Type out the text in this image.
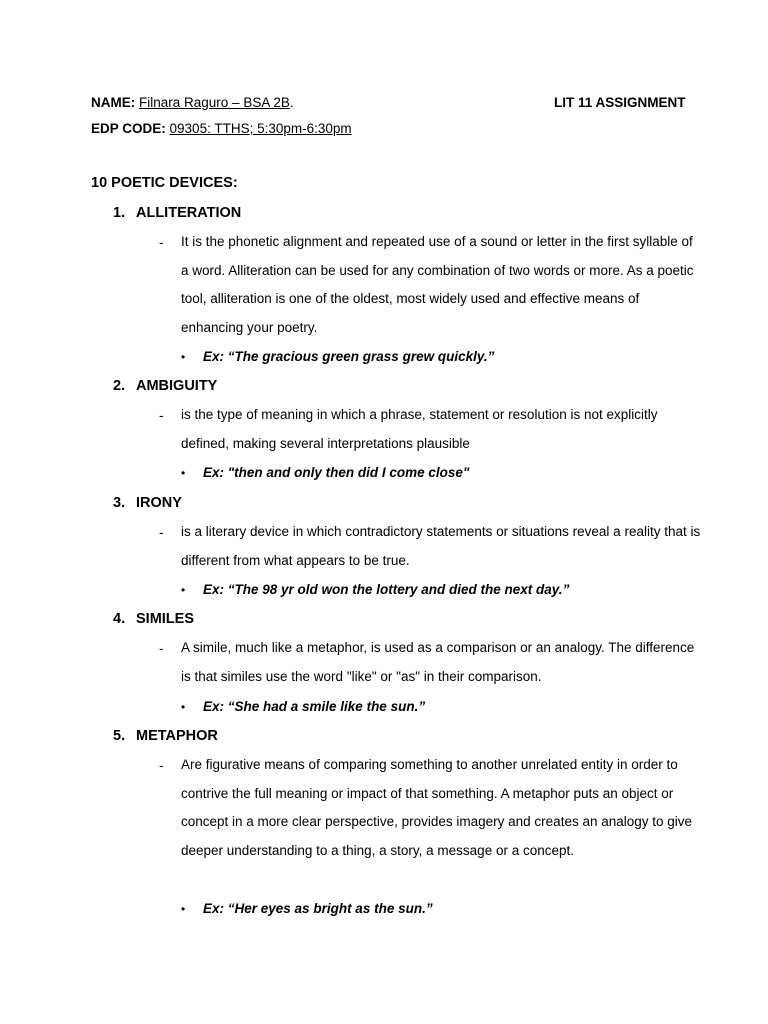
NAME: Filnara Raguro – BSA 2B.	LIT 11 ASSIGNMENT
EDP CODE: 09305: TTHS; 5:30pm-6:30pm
10 POETIC DEVICES:
1. ALLITERATION
- It is the phonetic alignment and repeated use of a sound or letter in the first syllable of a word. Alliteration can be used for any combination of two words or more. As a poetic tool, alliteration is one of the oldest, most widely used and effective means of enhancing your poetry.
• Ex: “The gracious green grass grew quickly.”
2. AMBIGUITY
- is the type of meaning in which a phrase, statement or resolution is not explicitly defined, making several interpretations plausible
• Ex: "then and only then did I come close"
3. IRONY
- is a literary device in which contradictory statements or situations reveal a reality that is different from what appears to be true.
• Ex: “The 98 yr old won the lottery and died the next day.”
4. SIMILES
- A simile, much like a metaphor, is used as a comparison or an analogy. The difference is that similes use the word "like" or "as" in their comparison.
• Ex: “She had a smile like the sun.”
5. METAPHOR
- Are figurative means of comparing something to another unrelated entity in order to contrive the full meaning or impact of that something. A metaphor puts an object or concept in a more clear perspective, provides imagery and creates an analogy to give deeper understanding to a thing, a story, a message or a concept.
• Ex: “Her eyes as bright as the sun.”
